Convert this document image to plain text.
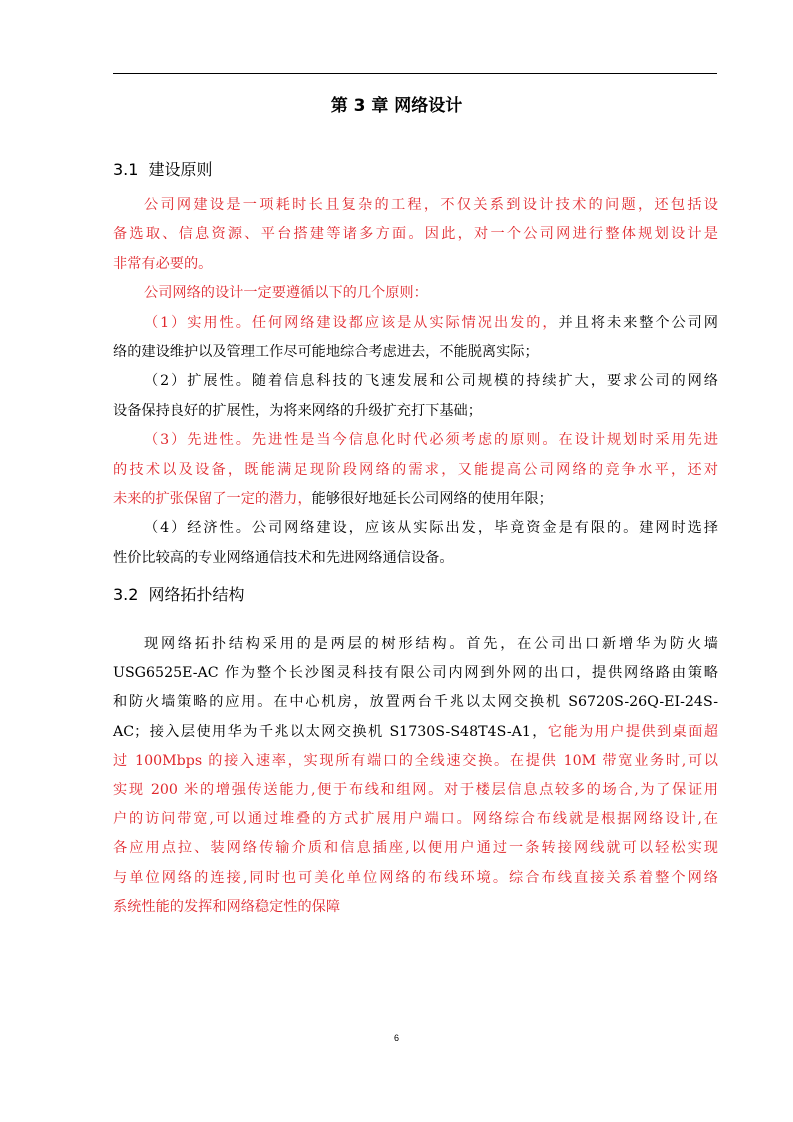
第 3 章 网络设计
3.1 建设原则
公司网建设是一项耗时长且复杂的工程，不仅关系到设计技术的问题，还包括设
备选取、信息资源、平台搭建等诸多方面。因此，对一个公司网进行整体规划设计是
非常有必要的。
公司网络的设计一定要遵循以下的几个原则：
（1）实用性。任何网络建设都应该是从实际情况出发的，并且将未来整个公司网
络的建设维护以及管理工作尽可能地综合考虑进去，不能脱离实际；
（2）扩展性。随着信息科技的飞速发展和公司规模的持续扩大，要求公司的网络
设备保持良好的扩展性，为将来网络的升级扩充打下基础；
（3）先进性。先进性是当今信息化时代必须考虑的原则。在设计规划时采用先进
的技术以及设备，既能满足现阶段网络的需求，又能提高公司网络的竞争水平，还对
未来的扩张保留了一定的潜力，能够很好地延长公司网络的使用年限；
（4）经济性。公司网络建设，应该从实际出发，毕竟资金是有限的。建网时选择
性价比较高的专业网络通信技术和先进网络通信设备。
3.2 网络拓扑结构
现网络拓扑结构采用的是两层的树形结构。首先，在公司出口新增华为防火墙
USG6525E-AC 作为整个长沙图灵科技有限公司内网到外网的出口，提供网络路由策略
和防火墙策略的应用。在中心机房，放置两台千兆以太网交换机 S6720S-26Q-EI-24S-
AC；接入层使用华为千兆以太网交换机 S1730S-S48T4S-A1，它能为用户提供到桌面超
过 100Mbps 的接入速率，实现所有端口的全线速交换。在提供 10M 带宽业务时,可以
实现 200 米的增强传送能力,便于布线和组网。对于楼层信息点较多的场合,为了保证用
户的访问带宽,可以通过堆叠的方式扩展用户端口。网络综合布线就是根据网络设计,在
各应用点拉、装网络传输介质和信息插座,以便用户通过一条转接网线就可以轻松实现
与单位网络的连接,同时也可美化单位网络的布线环境。综合布线直接关系着整个网络
系统性能的发挥和网络稳定性的保障
6
